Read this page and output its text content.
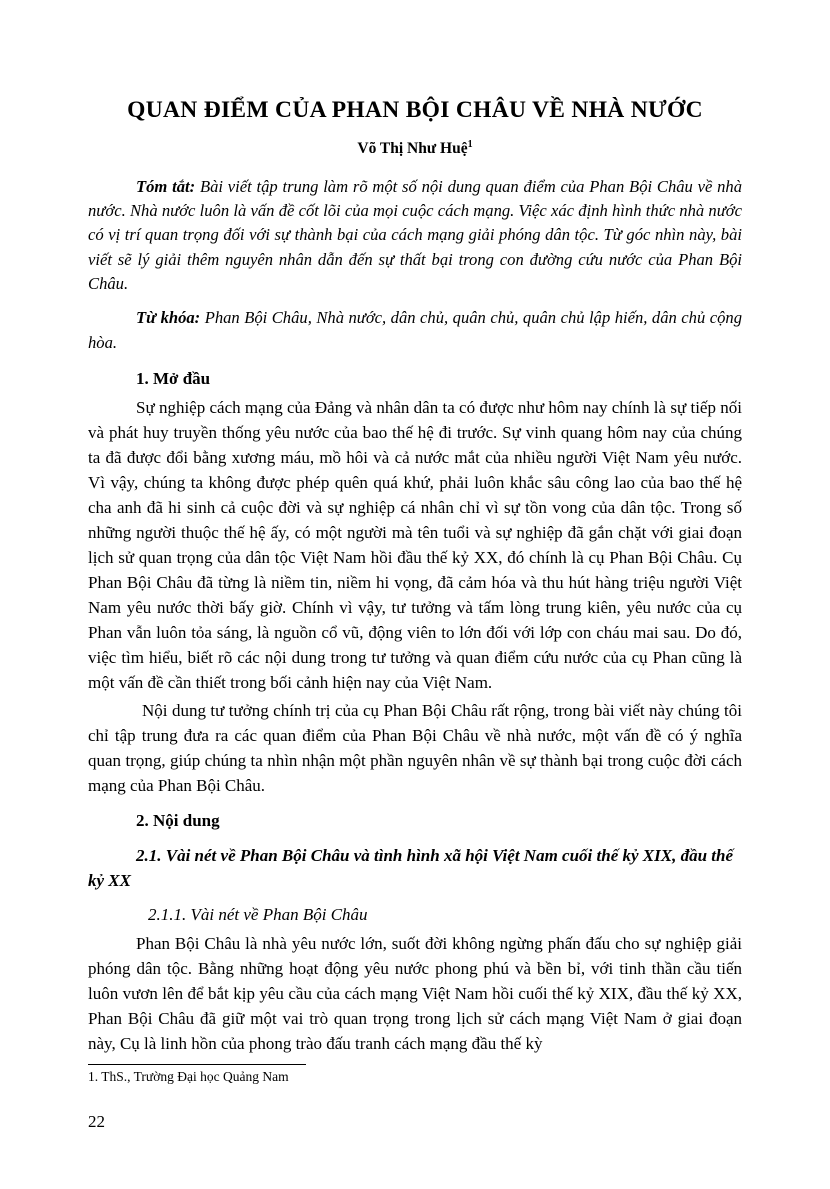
QUAN ĐIỂM CỦA PHAN BỘI CHÂU VỀ NHÀ NƯỚC
Võ Thị Như Huệ$^1$

Tóm tắt: Bài viết tập trung làm rõ một số nội dung quan điểm của Phan Bội Châu về nhà nước. Nhà nước luôn là vấn đề cốt lõi của mọi cuộc cách mạng. Việc xác định hình thức nhà nước có vị trí quan trọng đối với sự thành bại của cách mạng giải phóng dân tộc. Từ góc nhìn này, bài viết sẽ lý giải thêm nguyên nhân dẫn đến sự thất bại trong con đường cứu nước của Phan Bội Châu.

Từ khóa: Phan Bội Châu, Nhà nước, dân chủ, quân chủ, quân chủ lập hiến, dân chủ cộng hòa.

1. Mở đầu

Sự nghiệp cách mạng của Đảng và nhân dân ta có được như hôm nay chính là sự tiếp nối và phát huy truyền thống yêu nước của bao thế hệ đi trước. Sự vinh quang hôm nay của chúng ta đã được đổi bằng xương máu, mồ hôi và cả nước mắt của nhiều người Việt Nam yêu nước. Vì vậy, chúng ta không được phép quên quá khứ, phải luôn khắc sâu công lao của bao thế hệ cha anh đã hi sinh cả cuộc đời và sự nghiệp cá nhân chỉ vì sự tồn vong của dân tộc. Trong số những người thuộc thế hệ ấy, có một người mà tên tuổi và sự nghiệp đã gắn chặt với giai đoạn lịch sử quan trọng của dân tộc Việt Nam hồi đầu thế kỷ XX, đó chính là cụ Phan Bội Châu. Cụ Phan Bội Châu đã từng là niềm tin, niềm hi vọng, đã cảm hóa và thu hút hàng triệu người Việt Nam yêu nước thời bấy giờ. Chính vì vậy, tư tưởng và tấm lòng trung kiên, yêu nước của cụ Phan vẫn luôn tỏa sáng, là nguồn cổ vũ, động viên to lớn đối với lớp con cháu mai sau. Do đó, việc tìm hiểu, biết rõ các nội dung trong tư tưởng và quan điểm cứu nước của cụ Phan cũng là một vấn đề cần thiết trong bối cảnh hiện nay của Việt Nam.

Nội dung tư tưởng chính trị của cụ Phan Bội Châu rất rộng, trong bài viết này chúng tôi chỉ tập trung đưa ra các quan điểm của Phan Bội Châu về nhà nước, một vấn đề có ý nghĩa quan trọng, giúp chúng ta nhìn nhận một phần nguyên nhân về sự thành bại trong cuộc đời cách mạng của Phan Bội Châu.

2. Nội dung

2.1. Vài nét về Phan Bội Châu và tình hình xã hội Việt Nam cuối thế kỷ XIX, đầu thế kỷ XX

2.1.1. Vài nét về Phan Bội Châu

Phan Bội Châu là nhà yêu nước lớn, suốt đời không ngừng phấn đấu cho sự nghiệp giải phóng dân tộc. Bằng những hoạt động yêu nước phong phú và bền bỉ, với tinh thần cầu tiến luôn vươn lên để bắt kịp yêu cầu của cách mạng Việt Nam hồi cuối thế kỷ XIX, đầu thế kỷ XX, Phan Bội Châu đã giữ một vai trò quan trọng trong lịch sử cách mạng Việt Nam ở giai đoạn này, Cụ là linh hồn của phong trào đấu tranh cách mạng đầu thế kỳ

1. ThS., Trường Đại học Quảng Nam
22
